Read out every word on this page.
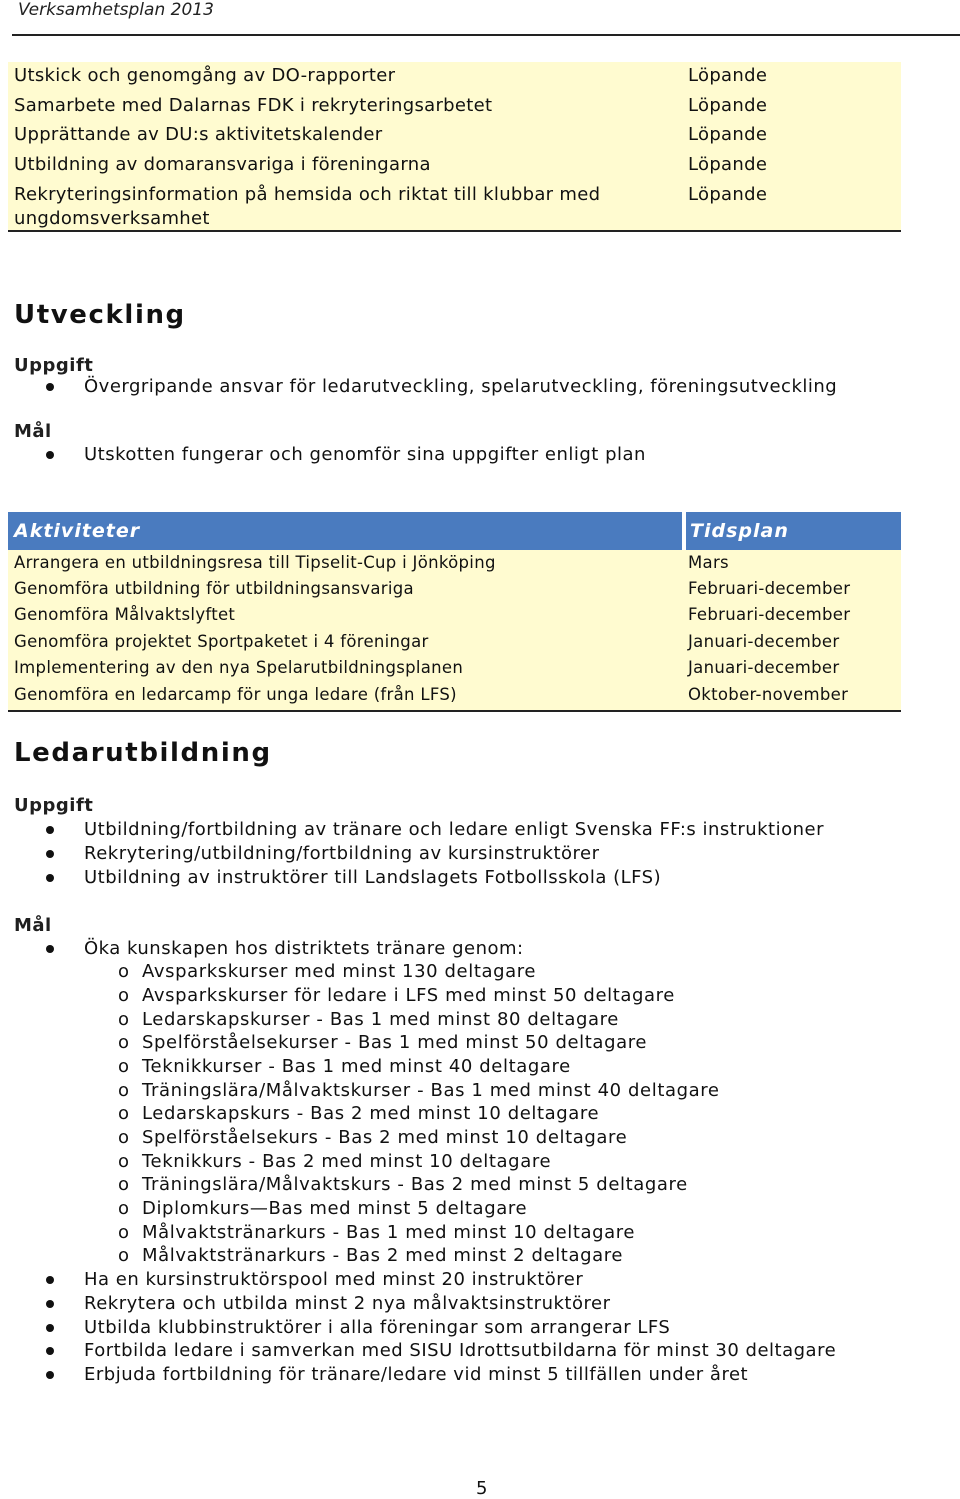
Verksamhetsplan 2013
Utskick och genomgång av DO-rapporter	Löpande
Samarbete med Dalarnas FDK i rekryteringsarbetet	Löpande
Upprättande av DU:s aktivitetskalender	Löpande
Utbildning av domaransvariga i föreningarna	Löpande
Rekryteringsinformation på hemsida och riktat till klubbar med
ungdomsverksamhet
Löpande
Utveckling
Uppgift
Övergripande ansvar för ledarutveckling, spelarutveckling, föreningsutveckling
Mål
Utskotten fungerar och genomför sina uppgifter enligt plan
Aktiviteter	Tidsplan
Arrangera en utbildningsresa till Tipselit-Cup i Jönköping	Mars
Genomföra utbildning för utbildningsansvariga	Februari-december
Genomföra Målvaktslyftet	Februari-december
Genomföra projektet Sportpaketet i 4 föreningar	Januari-december
Implementering av den nya Spelarutbildningsplanen	Januari-december
Genomföra en ledarcamp för unga ledare (från LFS)	Oktober-november
Ledarutbildning
Uppgift
Utbildning/fortbildning av tränare och ledare enligt Svenska FF:s instruktioner
Rekrytering/utbildning/fortbildning av kursinstruktörer
Utbildning av instruktörer till Landslagets Fotbollsskola (LFS)
Mål
Öka kunskapen hos distriktets tränare genom:
o Avsparkskurser med minst 130 deltagare
o Avsparkskurser för ledare i LFS med minst 50 deltagare
o Ledarskapskurser - Bas 1 med minst 80 deltagare
o Spelförståelsekurser - Bas 1 med minst 50 deltagare
o Teknikkurser - Bas 1 med minst 40 deltagare
o Träningslära/Målvaktskurser - Bas 1 med minst 40 deltagare
o Ledarskapskurs - Bas 2 med minst 10 deltagare
o Spelförståelsekurs - Bas 2 med minst 10 deltagare
o Teknikkurs - Bas 2 med minst 10 deltagare
o Träningslära/Målvaktskurs - Bas 2 med minst 5 deltagare
o Diplomkurs—Bas med minst 5 deltagare
o Målvaktstränarkurs - Bas 1 med minst 10 deltagare
o Målvaktstränarkurs - Bas 2 med minst 2 deltagare
Ha en kursinstruktörspool med minst 20 instruktörer
Rekrytera och utbilda minst 2 nya målvaktsinstruktörer
Utbilda klubbinstruktörer i alla föreningar som arrangerar LFS
Fortbilda ledare i samverkan med SISU Idrottsutbildarna för minst 30 deltagare
Erbjuda fortbildning för tränare/ledare vid minst 5 tillfällen under året
5
